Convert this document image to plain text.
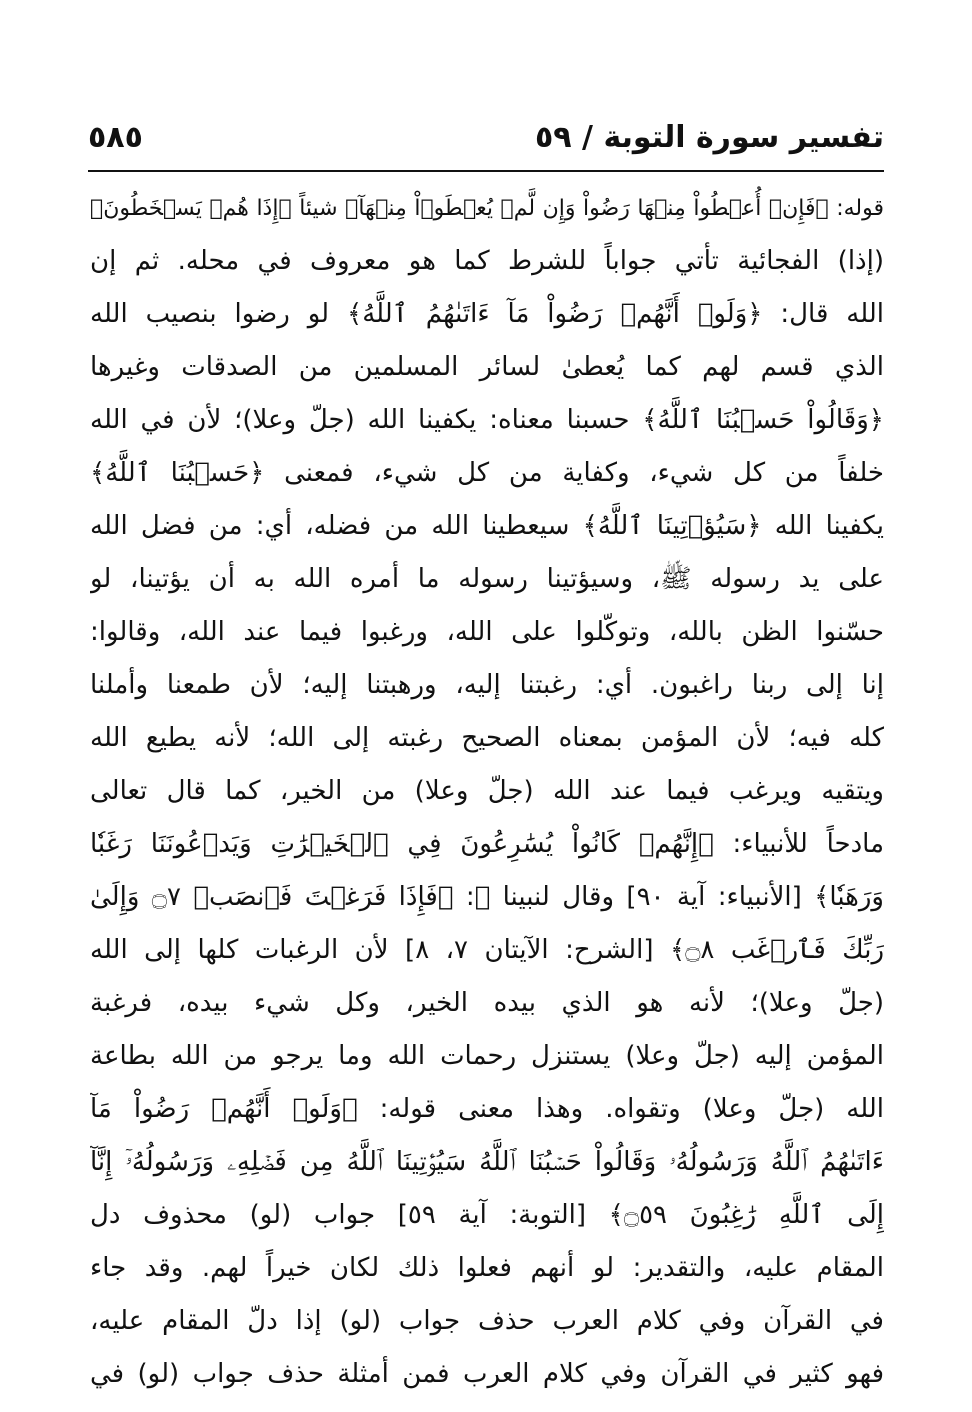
تفسير سورة التوبة / ٥٩
٥٨٥
قوله: ﴿فَإِنۡ أُعۡطُواْ مِنۡهَا رَضُواْ وَإِن لَّمۡ يُعۡطَوۡاْ مِنۡهَآ﴾ شيئاً ﴿إِذَا هُمۡ يَسۡخَطُونَ﴾
(إذا) الفجائية تأتي جواباً للشرط كما هو معروف في محله. ثم إن
الله قال: ﴿وَلَوۡ أَنَّهُمۡ رَضُواْ مَآ ءَاتَىٰهُمُ ٱللَّهُ﴾ لو رضوا بنصيب الله
الذي قسم لهم كما يُعطىٰ لسائر المسلمين من الصدقات وغيرها
﴿وَقَالُواْ حَسۡبُنَا ٱللَّهُ﴾ حسبنا معناه: يكفينا الله (جلّ وعلا)؛ لأن في الله
خلفاً من كل شيء، وكفاية من كل شيء، فمعنى ﴿حَسۡبُنَا ٱللَّهُ﴾
يكفينا الله ﴿سَيُؤۡتِينَا ٱللَّهُ﴾ سيعطينا الله من فضله، أي: من فضل الله
على يد رسوله ﷺ، وسيؤتينا رسوله ما أمره الله به أن يؤتينا، لو
حسّنوا الظن بالله، وتوكّلوا على الله، ورغبوا فيما عند الله، وقالوا:
إنا إلى ربنا راغبون. أي: رغبتنا إليه، ورهبتنا إليه؛ لأن طمعنا وأملنا
كله فيه؛ لأن المؤمن بمعناه الصحيح رغبته إلى الله؛ لأنه يطيع الله
ويتقيه ويرغب فيما عند الله (جلّ وعلا) من الخير، كما قال تعالى
مادحاً للأنبياء: ﴿إِنَّهُمۡ كَانُواْ يُسَٰرِعُونَ فِي ٱلۡخَيۡرَٰتِ وَيَدۡعُونَنَا رَغَبٗا
وَرَهَبٗا﴾ [الأنبياء: آية ٩٠] وقال لنبينا ﷺ: ﴿فَإِذَا فَرَغۡتَ فَٱنصَبۡ ۝٧ وَإِلَىٰ
رَبِّكَ فَٱرۡغَب ۝٨﴾ [الشرح: الآيتان ٧، ٨] لأن الرغبات كلها إلى الله
(جلّ وعلا)؛ لأنه هو الذي بيده الخير، وكل شيء بيده، فرغبة
المؤمن إليه (جلّ وعلا) يستنزل رحمات الله وما يرجو من الله بطاعة
الله (جلّ وعلا) وتقواه. وهذا معنى قوله: ﴿وَلَوۡ أَنَّهُمۡ رَضُواْ مَآ
ءَاتَىٰهُمُ ٱللَّهُ وَرَسُولُهُۥ وَقَالُواْ حَسۡبُنَا ٱللَّهُ سَيُؤۡتِينَا ٱللَّهُ مِن فَضۡلِهِۦ وَرَسُولُهُۥٓ إِنَّآ
إِلَى ٱللَّهِ رَٰغِبُونَ ۝٥٩﴾ [التوبة: آية ٥٩] جواب (لو) محذوف دل
المقام عليه، والتقدير: لو أنهم فعلوا ذلك لكان خيراً لهم. وقد جاء
في القرآن وفي كلام العرب حذف جواب (لو) إذا دلّ المقام عليه،
فهو كثير في القرآن وفي كلام العرب فمن أمثلة حذف جواب (لو) في
